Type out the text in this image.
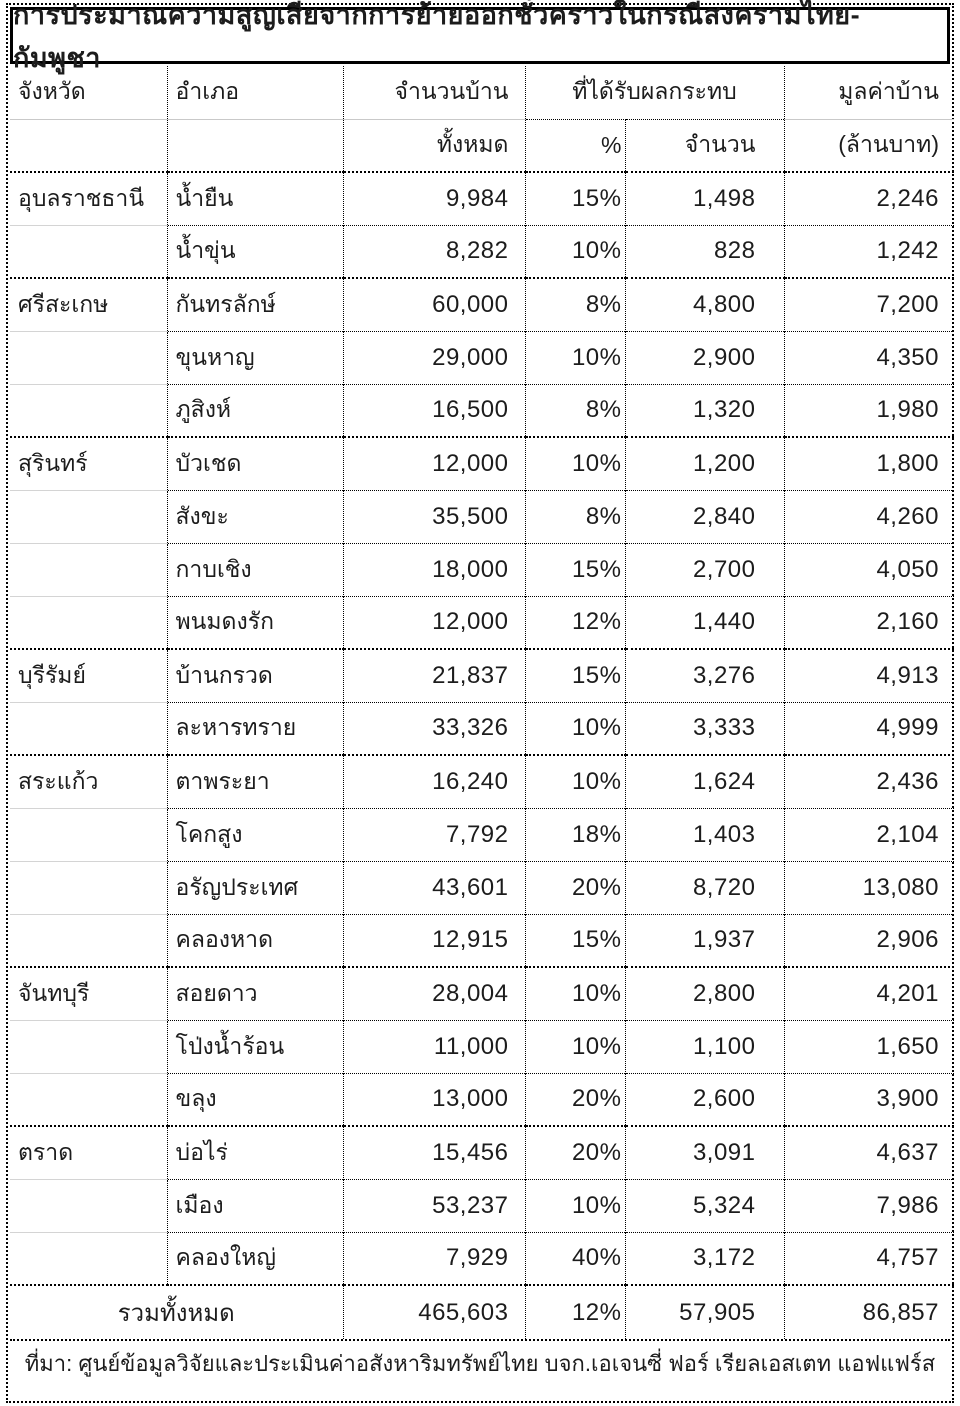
การประมาณความสูญเสียจากการย้ายออกชั่วคราวในกรณีสงครามไทย-กัมพูชา
จังหวัด	อำเภอ	จำนวนบ้าน	ที่ได้รับผลกระทบ		มูลค่าบ้าน
		ทั้งหมด	%	จำนวน	(ล้านบาท)
อุบลราชธานี	น้ำยืน	9,984	15%	1,498	2,246
	น้ำขุ่น	8,282	10%	828	1,242
ศรีสะเกษ	กันทรลักษ์	60,000	8%	4,800	7,200
	ขุนหาญ	29,000	10%	2,900	4,350
	ภูสิงห์	16,500	8%	1,320	1,980
สุรินทร์	บัวเชด	12,000	10%	1,200	1,800
	สังขะ	35,500	8%	2,840	4,260
	กาบเชิง	18,000	15%	2,700	4,050
	พนมดงรัก	12,000	12%	1,440	2,160
บุรีรัมย์	บ้านกรวด	21,837	15%	3,276	4,913
	ละหารทราย	33,326	10%	3,333	4,999
สระแก้ว	ตาพระยา	16,240	10%	1,624	2,436
	โคกสูง	7,792	18%	1,403	2,104
	อรัญประเทศ	43,601	20%	8,720	13,080
	คลองหาด	12,915	15%	1,937	2,906
จันทบุรี	สอยดาว	28,004	10%	2,800	4,201
	โป่งน้ำร้อน	11,000	10%	1,100	1,650
	ขลุง	13,000	20%	2,600	3,900
ตราด	บ่อไร่	15,456	20%	3,091	4,637
	เมือง	53,237	10%	5,324	7,986
	คลองใหญ่	7,929	40%	3,172	4,757
รวมทั้งหมด		465,603	12%	57,905	86,857
ที่มา: ศูนย์ข้อมูลวิจัยและประเมินค่าอสังหาริมทรัพย์ไทย บจก.เอเจนซี่ ฟอร์ เรียลเอสเตท แอฟแฟร์ส
